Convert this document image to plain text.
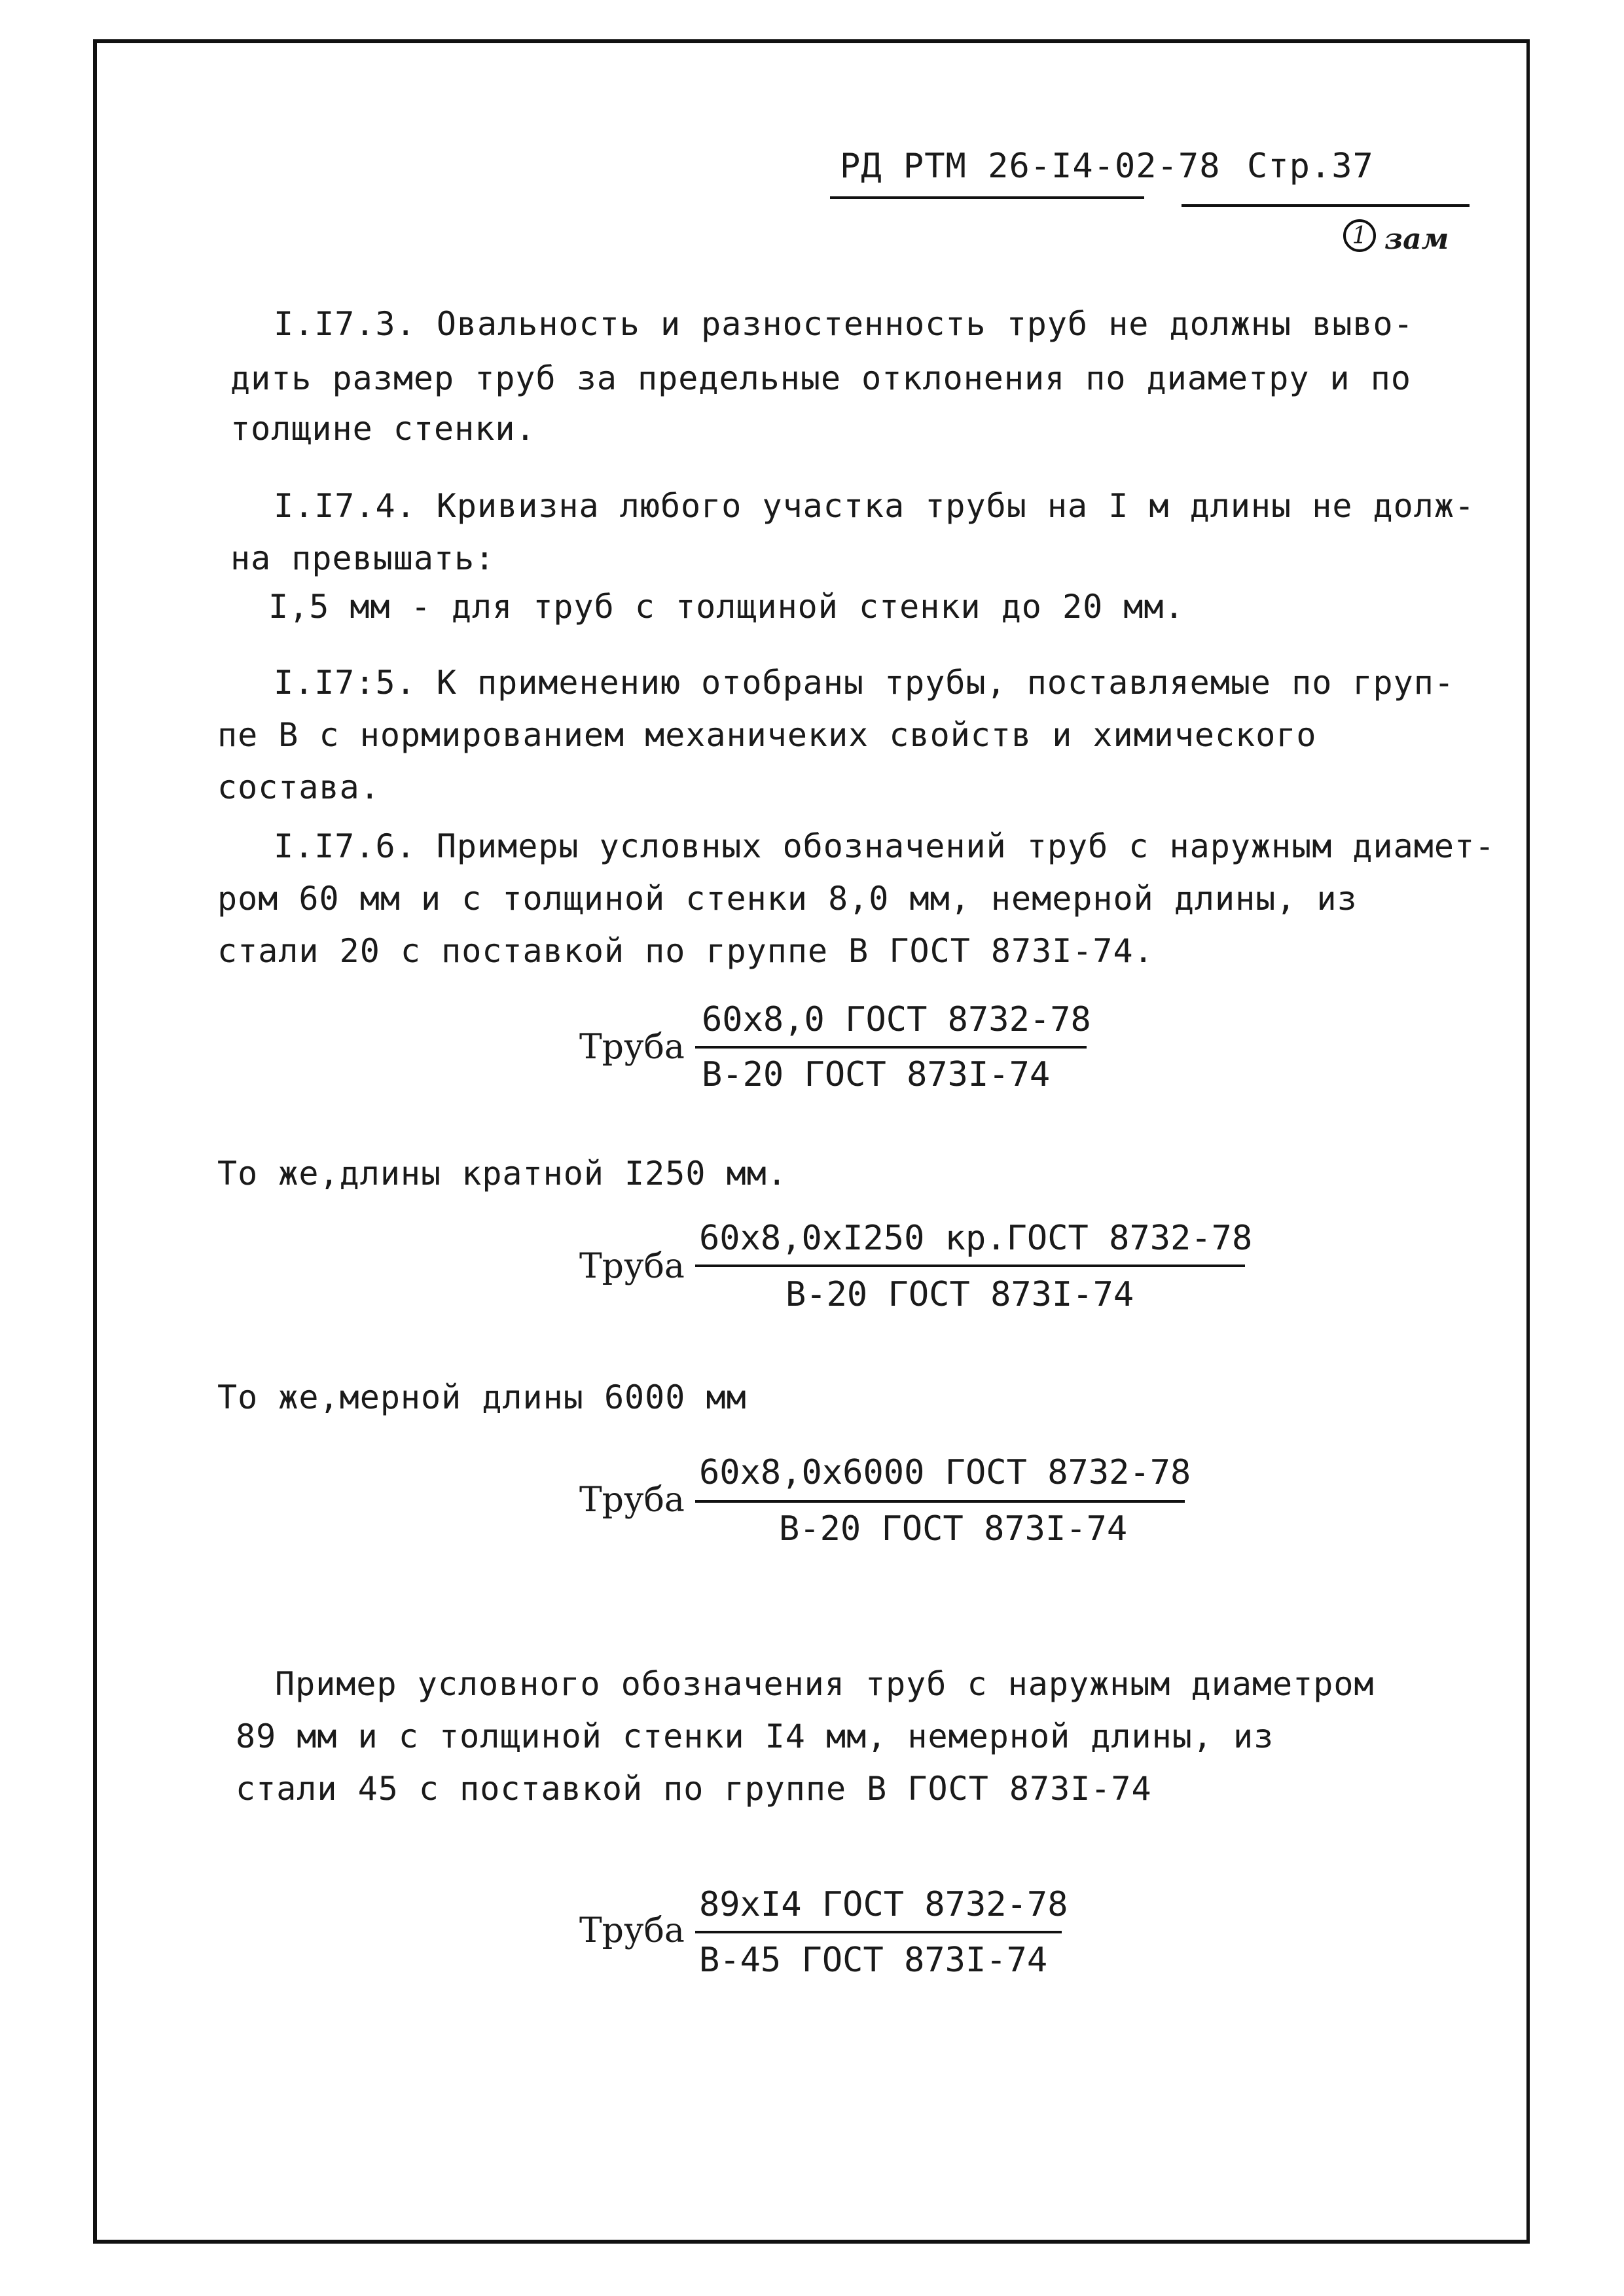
РД РТМ 26-I4-02-78 Стр.37
1 зам
I.I7.3. Овальность и разностенность труб не должны выво-
дить размер труб за предельные отклонения по диаметру и по
толщине стенки.
I.I7.4. Кривизна любого участка трубы на I м длины не долж-
на превышать:
I,5 мм - для труб с толщиной стенки до 20 мм.
I.I7:5. К применению отобраны трубы, поставляемые по груп-
пе В с нормированием механичеких свойств и химического
состава.
I.I7.6. Примеры условных обозначений труб с наружным диамет-
ром 60 мм и с толщиной стенки 8,0 мм, немерной длины, из
стали 20 с поставкой по группе В ГОСТ 873I-74.
Труба
60x8,0 ГОСТ 8732-78
В-20 ГОСТ 873I-74
То же,длины кратной I250 мм.
Труба
60x8,0xI250 кр.ГОСТ 8732-78
В-20 ГОСТ 873I-74
То же,мерной длины 6000 мм
Труба
60x8,0x6000 ГОСТ 8732-78
В-20 ГОСТ 873I-74
Пример условного обозначения труб с наружным диаметром
89 мм и с толщиной стенки I4 мм, немерной длины, из
стали 45 с поставкой по группе В ГОСТ 873I-74
Труба
89xI4 ГОСТ 8732-78
В-45 ГОСТ 873I-74
